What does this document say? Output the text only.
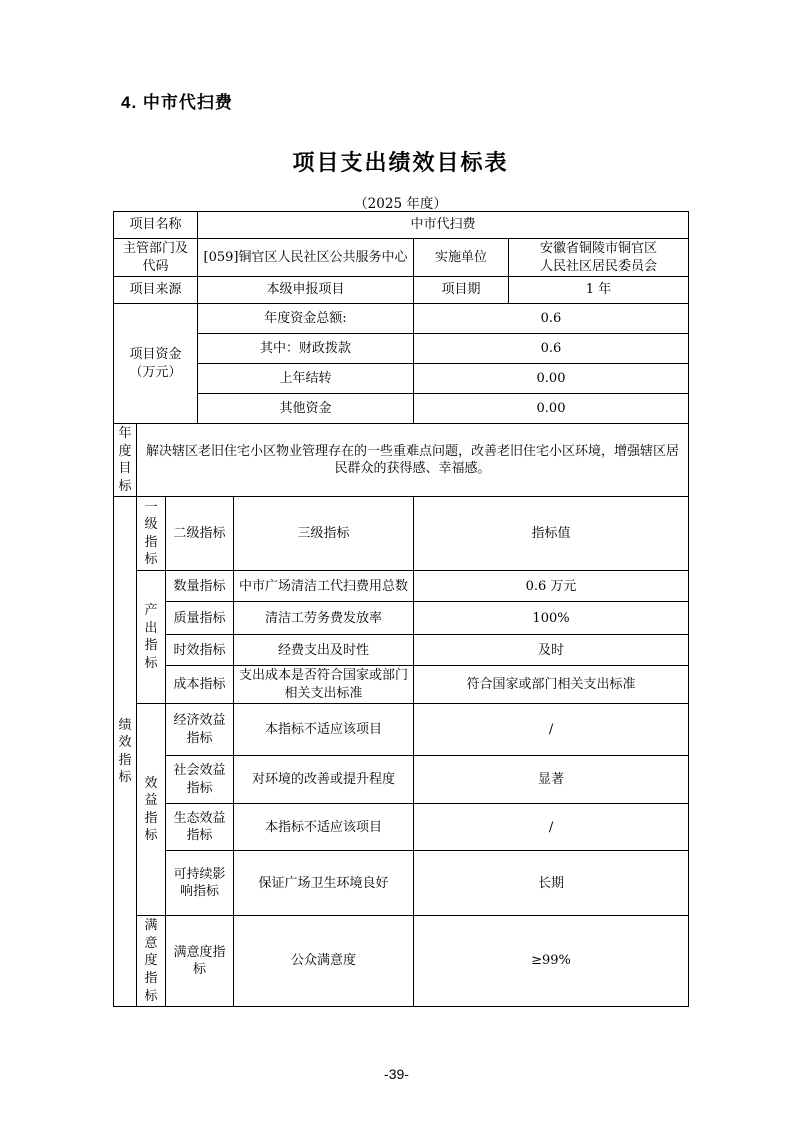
4. 中市代扫费
项目支出绩效目标表
（2025 年度）
项目名称			中市代扫费			
主管部门及代码			[059]铜官区人民社区公共服务中心		实施单位	安徽省铜陵市铜官区人民社区居民委员会
项目来源			本级申报项目		项目期	1 年

项目资金
（万元）			年度资金总额:		0.6	
			其中：财政拨款		0.6	
			上年结转		0.00	
			其他资金		0.00	
年度目标	解决辖区老旧住宅小区物业管理存在的一些重难点问题，改善老旧住宅小区环境，增强辖区居民群众的获得感、幸福感。					
绩效指标	一级指标	二级指标		三级指标	指标值	
	产出指标	数量指标		中市广场清洁工代扫费用总数	0.6 万元	
		质量指标		清洁工劳务费发放率	100%	
		时效指标		经费支出及时性	及时	
		成本指标		支出成本是否符合国家或部门相关支出标准	符合国家或部门相关支出标准	
	效益指标	经济效益指标		本指标不适应该项目	/	
		社会效益指标		对环境的改善或提升程度	显著	
		生态效益指标		本指标不适应该项目	/	
		可持续影响指标		保证广场卫生环境良好	长期	
	满意度指标	满意度指标		公众满意度	≥99%	
-39-
